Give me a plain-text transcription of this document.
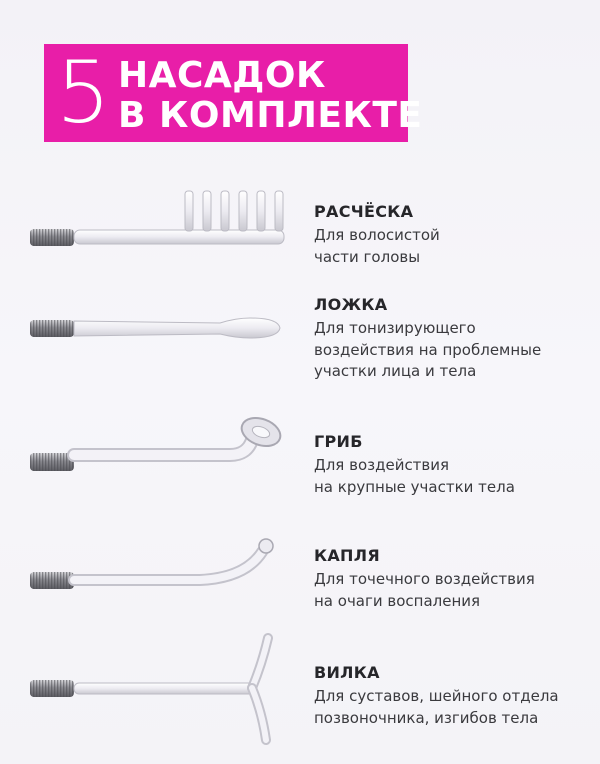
5 НАСАДОК
В КОМПЛЕКТЕ
РАСЧЁСКА
Для волосистой
части головы
ЛОЖКА
Для тонизирующего
воздействия на проблемные
участки лица и тела
ГРИБ
Для воздействия
на крупные участки тела
КАПЛЯ
Для точечного воздействия
на очаги воспаления
ВИЛКА
Для суставов, шейного отдела
позвоночника, изгибов тела
